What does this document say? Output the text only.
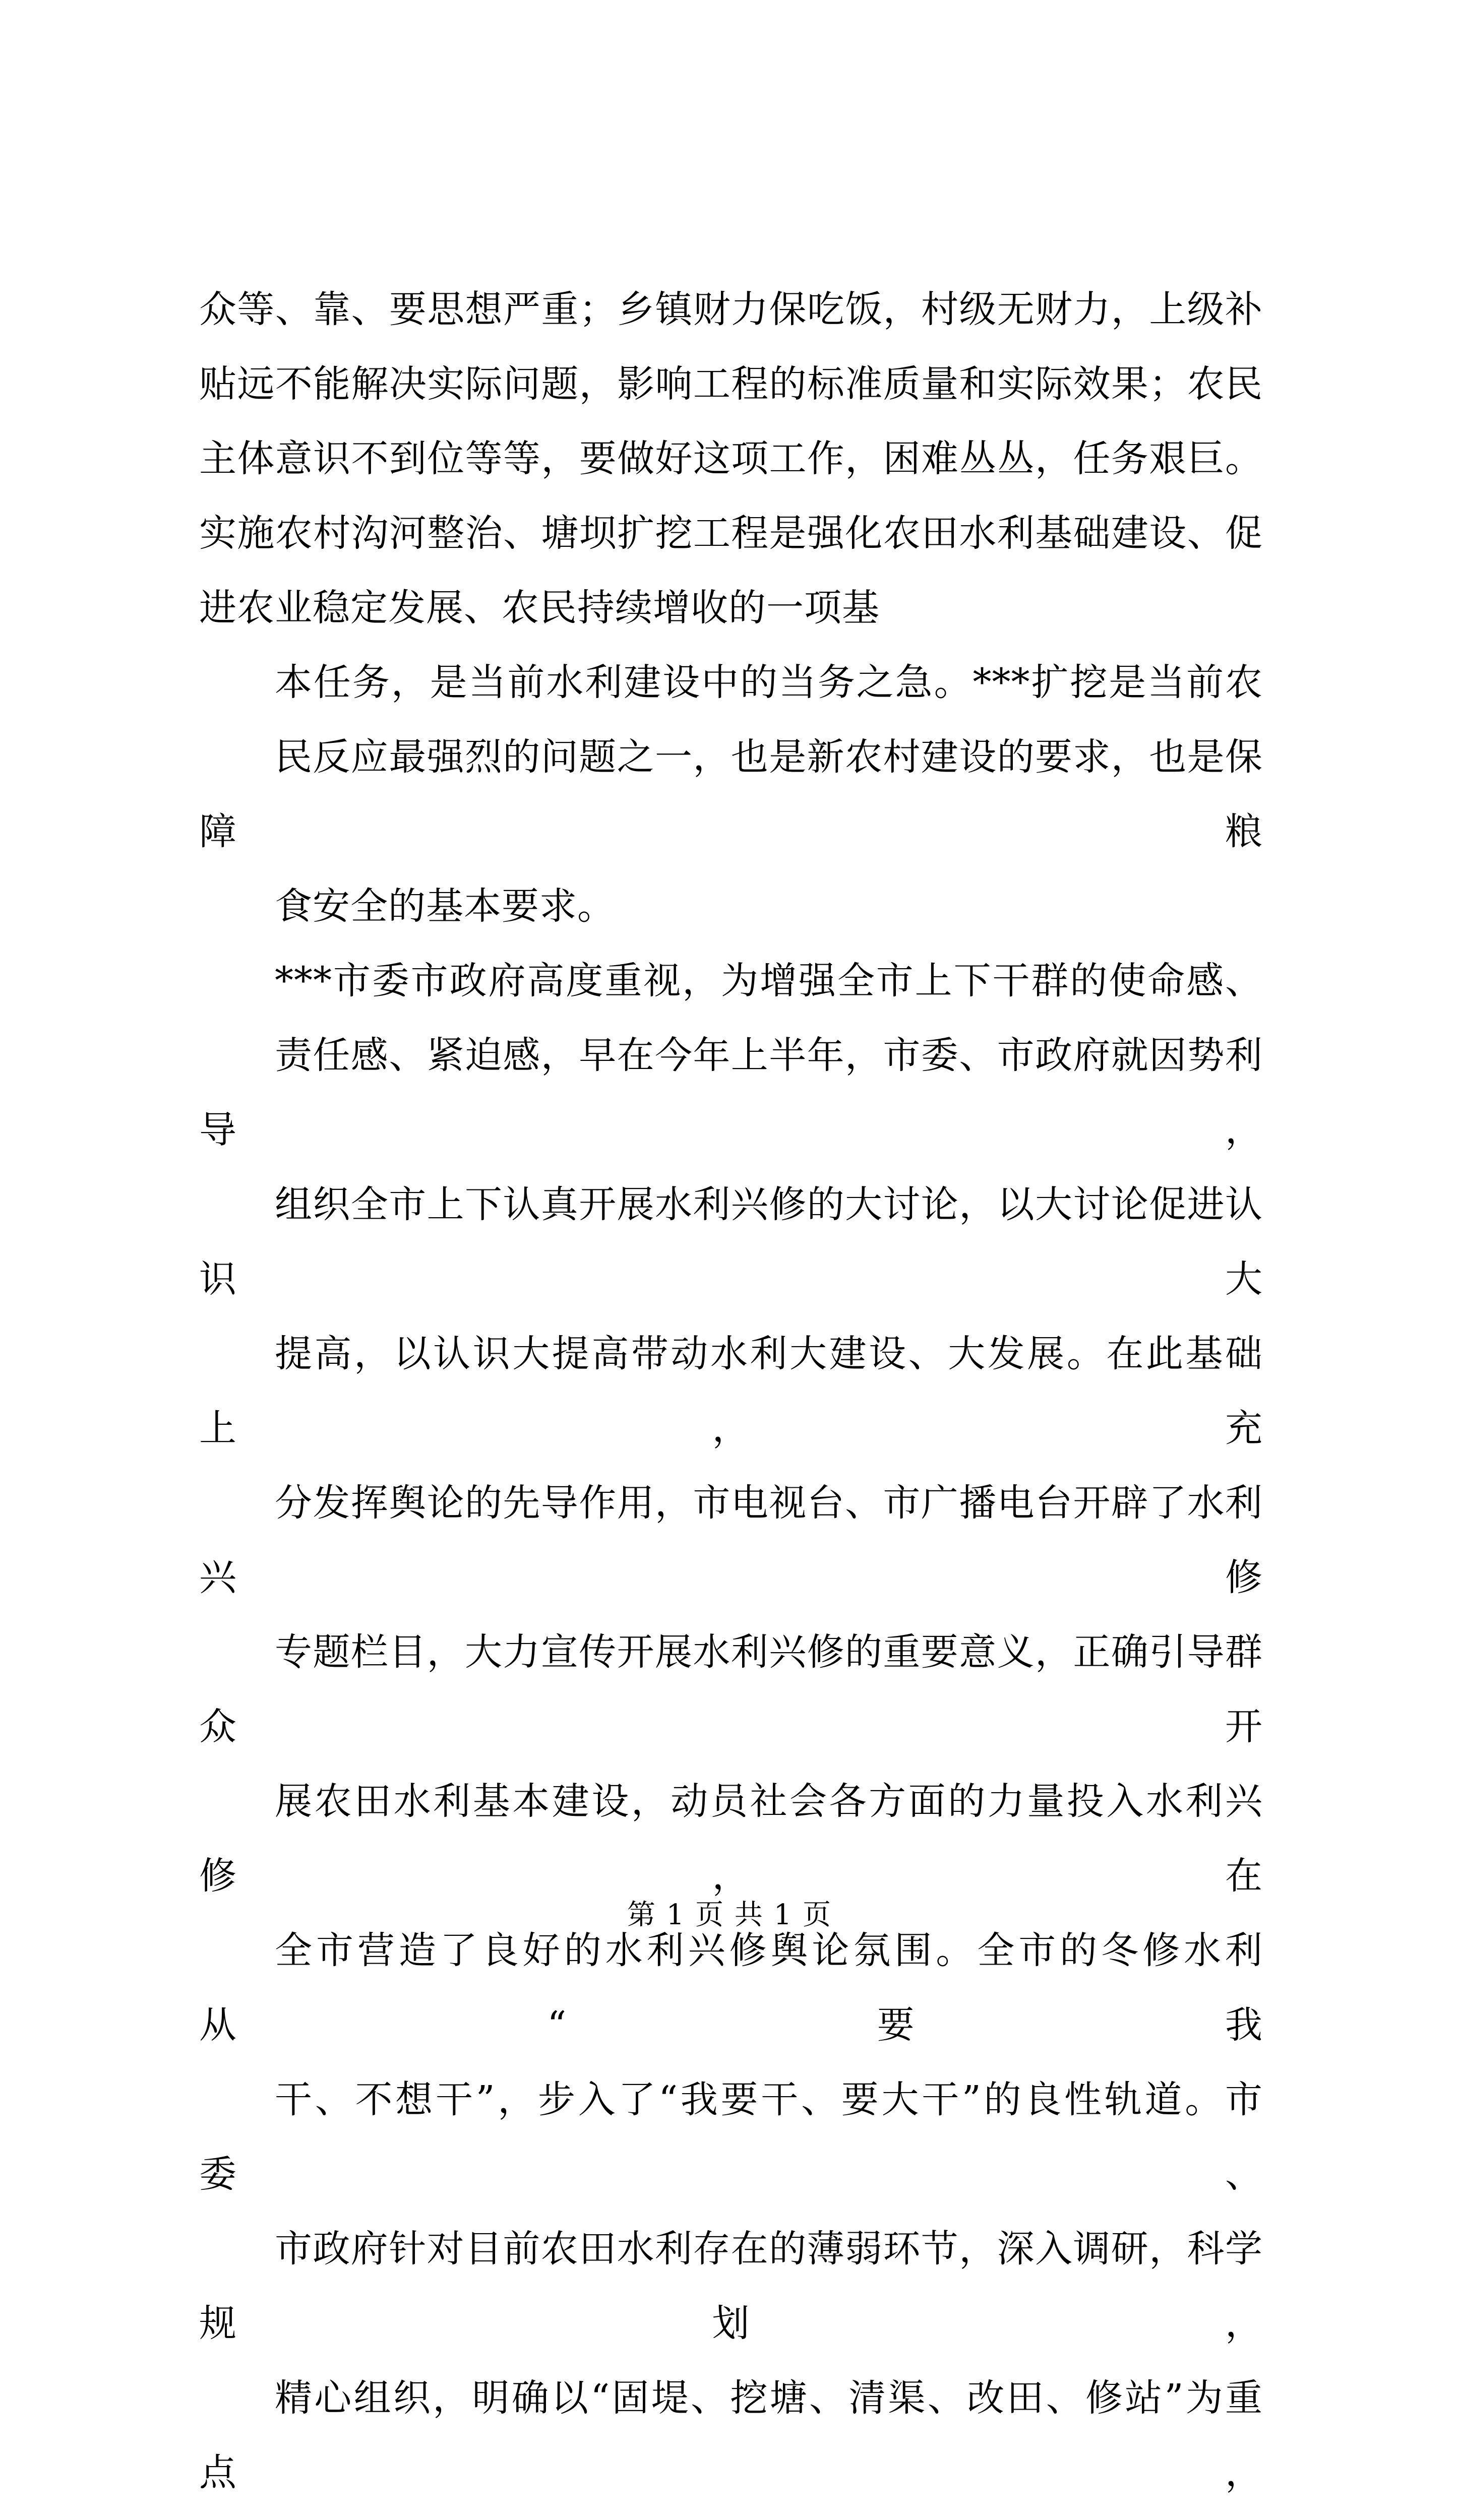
众等、靠、要思想严重；乡镇财力保吃饭，村级无财力，上级补
贴远不能解决实际问题，影响工程的标准质量和实际效果；农民
主体意识不到位等等，要做好这项工作，困难丛丛，任务艰巨。
实施农村沟河整治、塘坝扩挖工程是强化农田水利基础建设、促
进农业稳定发展、农民持续增收的一项基

本任务，是当前水利建设中的当务之急。***扩挖是当前农
民反应最强烈的问题之一，也是新农村建设的要求，也是保障粮
食安全的基本要求。

***市委市政府高度重视，为增强全市上下干群的使命感、
责任感、紧迫感，早在今年上半年，市委、市政府就因势利导，
组织全市上下认真开展水利兴修的大讨论，以大讨论促进认识大
提高，以认识大提高带动水利大建设、大发展。在此基础上，充
分发挥舆论的先导作用，市电视台、市广播电台开辟了水利兴修
专题栏目，大力宣传开展水利兴修的重要意义，正确引导群众开
展农田水利基本建设，动员社会各方面的力量投入水利兴修，在
全市营造了良好的水利兴修舆论氛围。全市的冬修水利从“要我
干、不想干”，步入了“我要干、要大干”的良性轨道。市委、
市政府针对目前农田水利存在的薄弱环节，深入调研，科学规划，
精心组织，明确以“固堤、挖塘、清渠、改田、修站”为重点，

第 1 页 共 1 页
